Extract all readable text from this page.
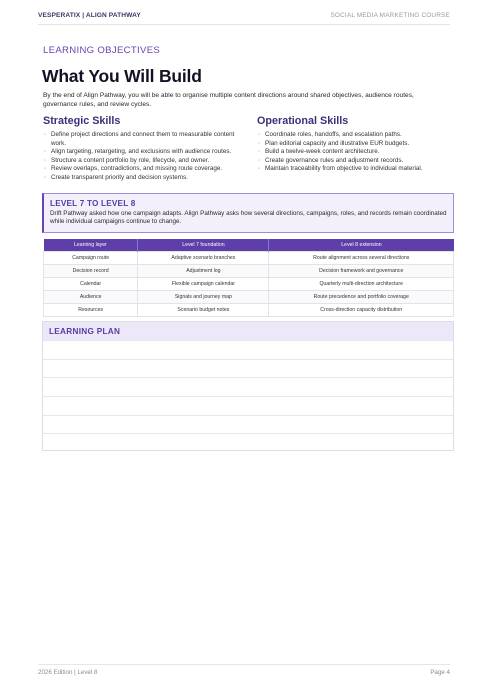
VESPERATIX | ALIGN PATHWAY	SOCIAL MEDIA MARKETING COURSE
LEARNING OBJECTIVES
What You Will Build

By the end of Align Pathway, you will be able to organise multiple content directions around shared objectives, audience routes, governance rules, and review cycles.

Strategic Skills
◦ Define project directions and connect them to measurable content work.
◦ Align targeting, retargeting, and exclusions with audience routes.
◦ Structure a content portfolio by role, lifecycle, and owner.
◦ Review overlaps, contradictions, and missing route coverage.
◦ Create transparent priority and decision systems.
Operational Skills
◦ Coordinate roles, handoffs, and escalation paths.
◦ Plan editorial capacity and illustrative EUR budgets.
◦ Build a twelve-week content architecture.
◦ Create governance rules and adjustment records.
◦ Maintain traceability from objective to individual material.
LEVEL 7 TO LEVEL 8

Drift Pathway asked how one campaign adapts. Align Pathway asks how several directions, campaigns, roles, and records remain coordinated while individual campaigns continue to change.

Learning layer	Level 7 foundation	Level 8 extension
Campaign route	Adaptive scenario branches	Route alignment across several directions
Decision record	Adjustment log	Decision framework and governance
Calendar	Flexible campaign calendar	Quarterly multi-direction architecture
Audience	Signals and journey map	Route precedence and portfolio coverage
Resources	Scenario budget notes	Cross-direction capacity distribution
LEARNING PLAN
2026 Edition | Level 8	Page 4
